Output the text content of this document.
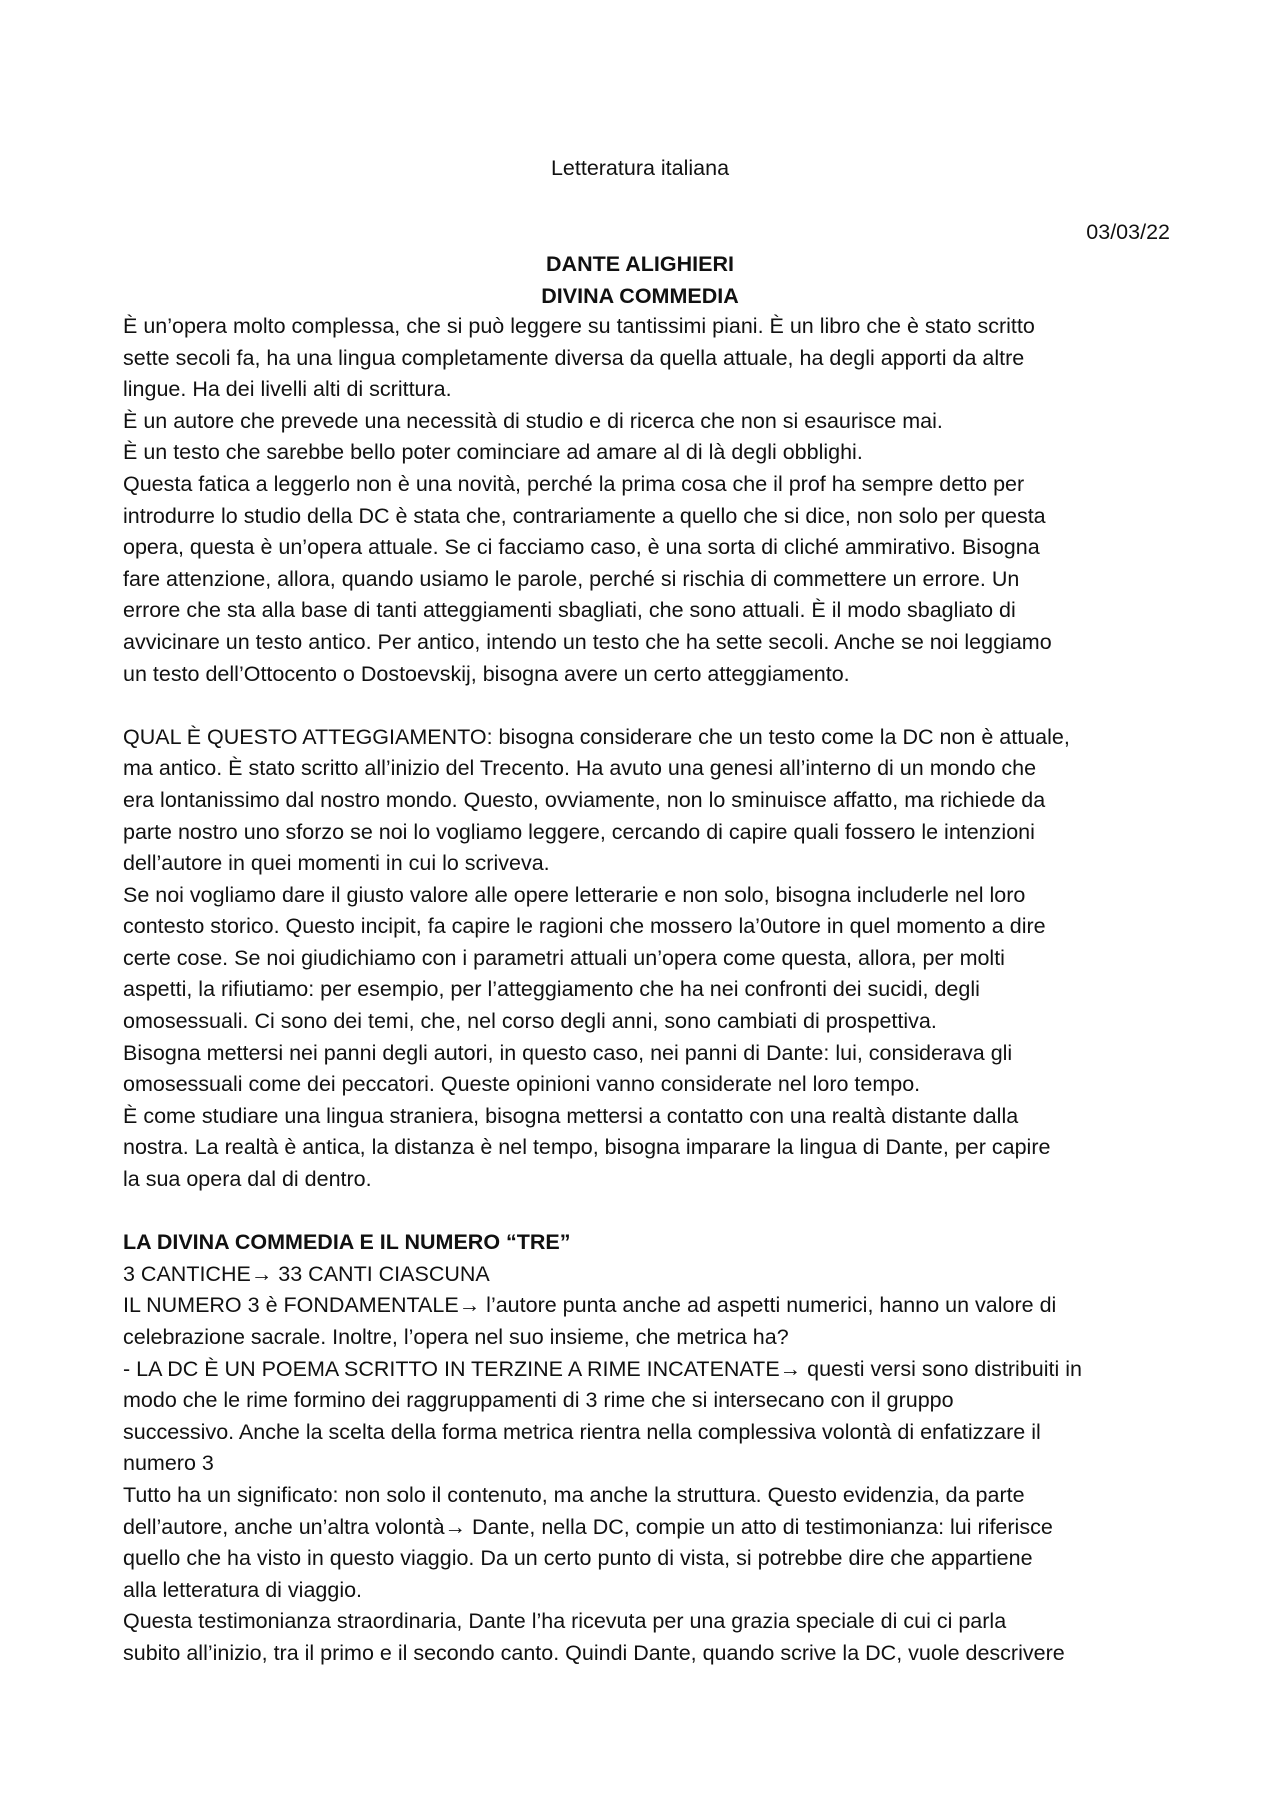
Letteratura italiana
03/03/22
DANTE ALIGHIERI
DIVINA COMMEDIA

È un’opera molto complessa, che si può leggere su tantissimi piani. È un libro che è stato scritto

sette secoli fa, ha una lingua completamente diversa da quella attuale, ha degli apporti da altre

lingue. Ha dei livelli alti di scrittura.

È un autore che prevede una necessità di studio e di ricerca che non si esaurisce mai.

È un testo che sarebbe bello poter cominciare ad amare al di là degli obblighi.

Questa fatica a leggerlo non è una novità, perché la prima cosa che il prof ha sempre detto per

introdurre lo studio della DC è stata che, contrariamente a quello che si dice, non solo per questa

opera, questa è un’opera attuale. Se ci facciamo caso, è una sorta di cliché ammirativo. Bisogna

fare attenzione, allora, quando usiamo le parole, perché si rischia di commettere un errore. Un

errore che sta alla base di tanti atteggiamenti sbagliati, che sono attuali. È il modo sbagliato di

avvicinare un testo antico. Per antico, intendo un testo che ha sette secoli. Anche se noi leggiamo

un testo dell’Ottocento o Dostoevskij, bisogna avere un certo atteggiamento.

QUAL È QUESTO ATTEGGIAMENTO: bisogna considerare che un testo come la DC non è attuale,

ma antico. È stato scritto all’inizio del Trecento. Ha avuto una genesi all’interno di un mondo che

era lontanissimo dal nostro mondo. Questo, ovviamente, non lo sminuisce affatto, ma richiede da

parte nostro uno sforzo se noi lo vogliamo leggere, cercando di capire quali fossero le intenzioni

dell’autore in quei momenti in cui lo scriveva.

Se noi vogliamo dare il giusto valore alle opere letterarie e non solo, bisogna includerle nel loro

contesto storico. Questo incipit, fa capire le ragioni che mossero la’0utore in quel momento a dire

certe cose. Se noi giudichiamo con i parametri attuali un’opera come questa, allora, per molti

aspetti, la rifiutiamo: per esempio, per l’atteggiamento che ha nei confronti dei sucidi, degli

omosessuali. Ci sono dei temi, che, nel corso degli anni, sono cambiati di prospettiva.

Bisogna mettersi nei panni degli autori, in questo caso, nei panni di Dante: lui, considerava gli

omosessuali come dei peccatori. Queste opinioni vanno considerate nel loro tempo.

È come studiare una lingua straniera, bisogna mettersi a contatto con una realtà distante dalla

nostra. La realtà è antica, la distanza è nel tempo, bisogna imparare la lingua di Dante, per capire

la sua opera dal di dentro.

LA DIVINA COMMEDIA E IL NUMERO “TRE”

3 CANTICHE→ 33 CANTI CIASCUNA

IL NUMERO 3 è FONDAMENTALE→ l’autore punta anche ad aspetti numerici, hanno un valore di

celebrazione sacrale. Inoltre, l’opera nel suo insieme, che metrica ha?

- LA DC È UN POEMA SCRITTO IN TERZINE A RIME INCATENATE→ questi versi sono distribuiti in

modo che le rime formino dei raggruppamenti di 3 rime che si intersecano con il gruppo

successivo. Anche la scelta della forma metrica rientra nella complessiva volontà di enfatizzare il

numero 3

Tutto ha un significato: non solo il contenuto, ma anche la struttura. Questo evidenzia, da parte

dell’autore, anche un’altra volontà→ Dante, nella DC, compie un atto di testimonianza: lui riferisce

quello che ha visto in questo viaggio. Da un certo punto di vista, si potrebbe dire che appartiene

alla letteratura di viaggio.

Questa testimonianza straordinaria, Dante l’ha ricevuta per una grazia speciale di cui ci parla

subito all’inizio, tra il primo e il secondo canto. Quindi Dante, quando scrive la DC, vuole descrivere
